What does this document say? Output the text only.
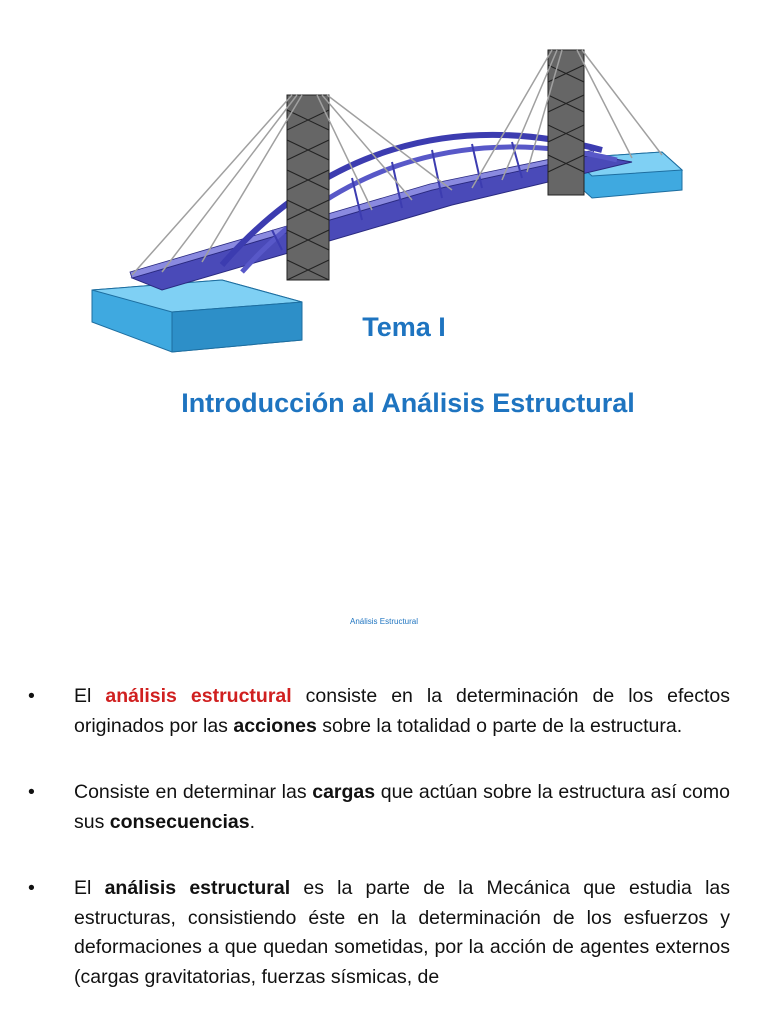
Tema I

Introducción al Análisis Estructural

Análisis Estructural

• El análisis estructural consiste en la determinación de los efectos originados por las acciones sobre la totalidad o parte de la estructura.
• Consiste en determinar las cargas que actúan sobre la estructura así como sus consecuencias.
• El análisis estructural es la parte de la Mecánica que estudia las estructuras, consistiendo éste en la determinación de los esfuerzos y deformaciones a que quedan sometidas, por la acción de agentes externos (cargas gravitatorias, fuerzas sísmicas, de
